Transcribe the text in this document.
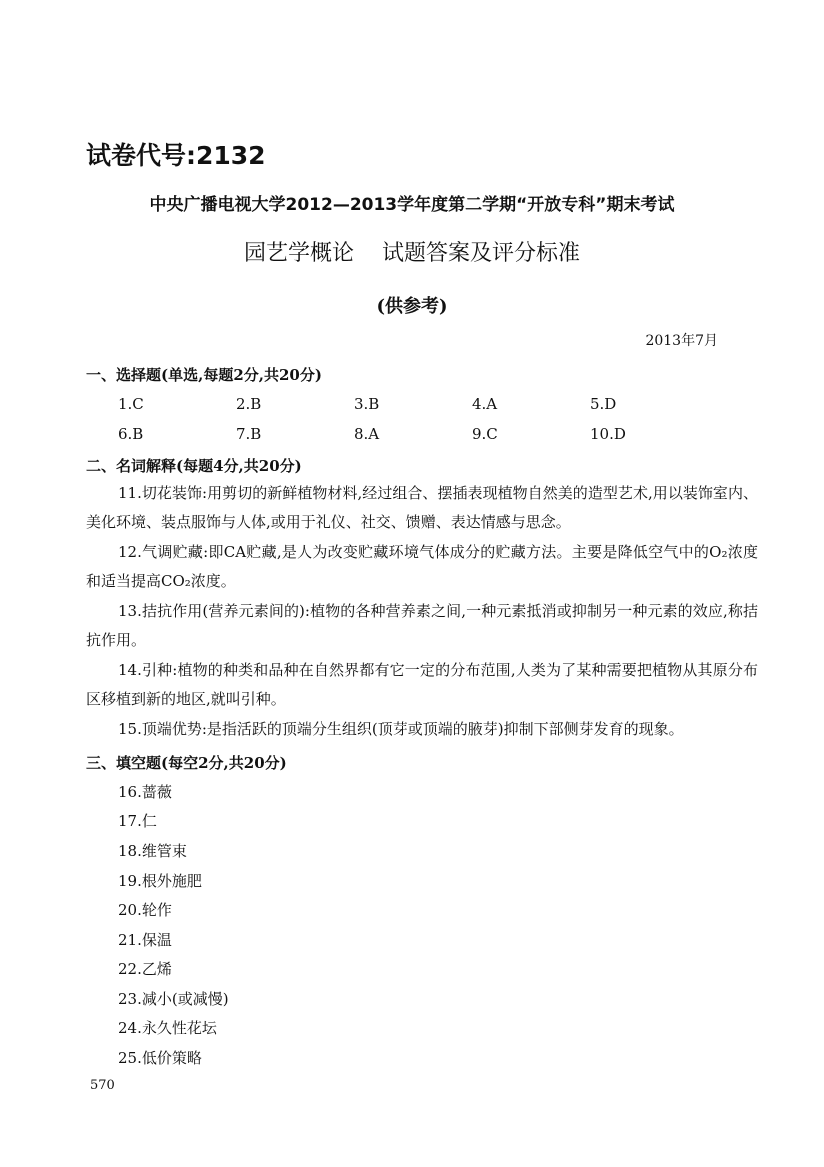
试卷代号:2132
中央广播电视大学2012—2013学年度第二学期“开放专科”期末考试
园艺学概论    试题答案及评分标准
(供参考)
2013年7月
一、选择题(单选,每题2分,共20分)
1.C	2.B	3.B	4.A	5.D
6.B	7.B	8.A	9.C	10.D
二、名词解释(每题4分,共20分)
11.切花装饰:用剪切的新鲜植物材料,经过组合、摆插表现植物自然美的造型艺术,用以装饰室内、美化环境、装点服饰与人体,或用于礼仪、社交、馈赠、表达情感与思念。
12.气调贮藏:即CA贮藏,是人为改变贮藏环境气体成分的贮藏方法。主要是降低空气中的O₂浓度和适当提高CO₂浓度。
13.拮抗作用(营养元素间的):植物的各种营养素之间,一种元素抵消或抑制另一种元素的效应,称拮抗作用。
14.引种:植物的种类和品种在自然界都有它一定的分布范围,人类为了某种需要把植物从其原分布区移植到新的地区,就叫引种。
15.顶端优势:是指活跃的顶端分生组织(顶芽或顶端的腋芽)抑制下部侧芽发育的现象。
三、填空题(每空2分,共20分)
16.蔷薇
17.仁
18.维管束
19.根外施肥
20.轮作
21.保温
22.乙烯
23.减小(或减慢)
24.永久性花坛
25.低价策略
570
